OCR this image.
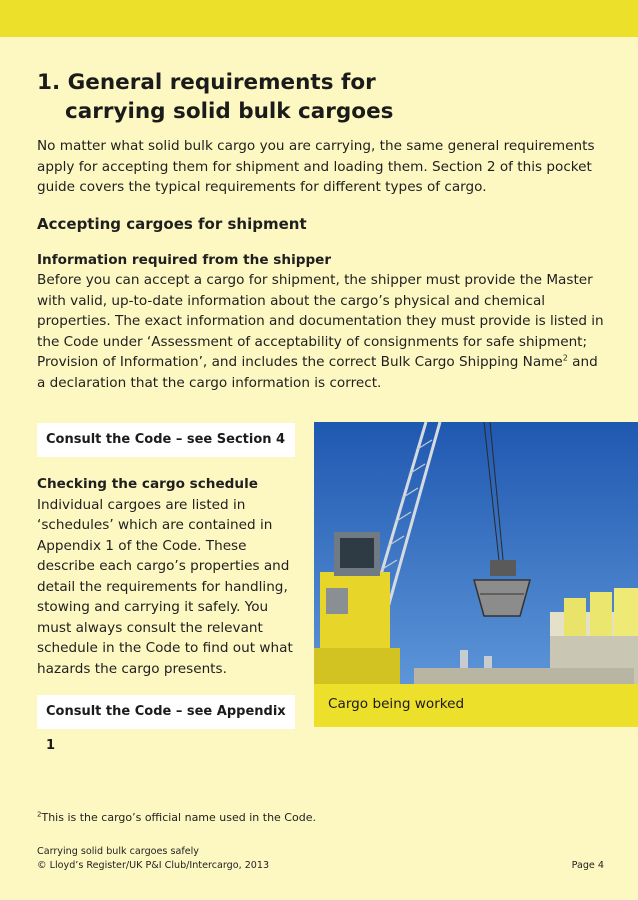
1. General requirements for
carrying solid bulk cargoes

No matter what solid bulk cargo you are carrying, the same general requirements apply for accepting them for shipment and loading them. Section 2 of this pocket guide covers the typical requirements for different types of cargo.

Accepting cargoes for shipment
Information required from the shipper

Before you can accept a cargo for shipment, the shipper must provide the Master with valid, up-to-date information about the cargo’s physical and chemical properties. The exact information and documentation they must provide is listed in the Code under ‘Assessment of acceptability of consignments for safe shipment; Provision of Information’, and includes the correct Bulk Cargo Shipping Name$^2$ and a declaration that the cargo information is correct.

Consult the Code – see Section 4
Checking the cargo schedule

Individual cargoes are listed in ‘schedules’ which are contained in Appendix 1 of the Code. These describe each cargo’s properties and detail the requirements for handling, stowing and carrying it safely. You must always consult the relevant schedule in the Code to find out what hazards the cargo presents.

Consult the Code – see Appendix 1
Cargo being worked
$^2$This is the cargo’s official name used in the Code.
Carrying solid bulk cargoes safely
© Lloyd’s Register/UK P&I Club/Intercargo, 2013	Page 4
